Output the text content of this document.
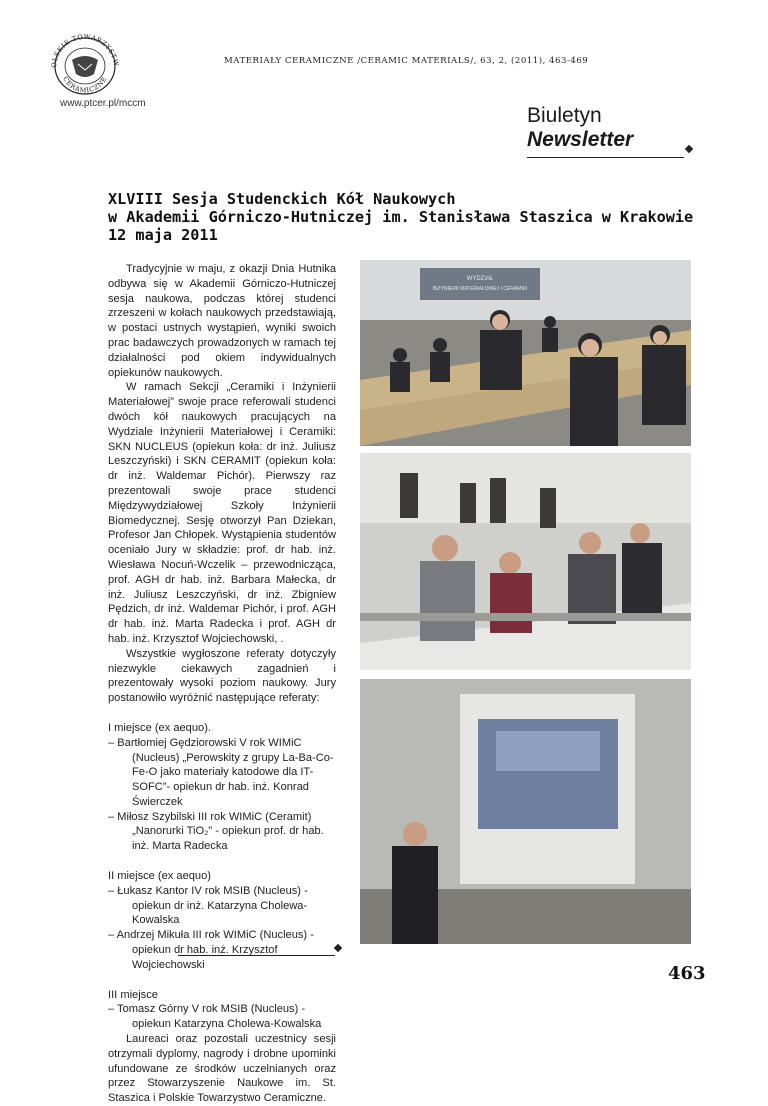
OLSKIE TOWARZYSTW
CERAMICZNE
www.ptcer.pl/mccm
MATERIAŁY CERAMICZNE /CERAMIC MATERIALS/, 63, 2, (2011), 463-469
Biuletyn
Newsletter
XLVIII Sesja Studenckich Kół Naukowych
w Akademii Górniczo-Hutniczej im. Stanisława Staszica w Krakowie
12 maja 2011

Tradycyjnie w maju, z okazji Dnia Hutnika odbywa się w Akademii Górniczo-Hutniczej sesja naukowa, podczas której studenci zrzeszeni w kołach naukowych przedstawiają, w postaci ustnych wystąpień, wyniki swoich prac badawczych prowadzonych w ramach tej działalności pod okiem indywidualnych opiekunów naukowych.

W ramach Sekcji „Ceramiki i Inżynierii Materiałowej” swoje prace referowali studenci dwóch kół naukowych pracujących na Wydziale Inżynierii Materiałowej i Ceramiki: SKN NUCLEUS (opiekun koła: dr inż. Juliusz Leszczyński) i SKN CERAMIT (opiekun koła: dr inż. Waldemar Pichór). Pierwszy raz prezentowali swoje prace studenci Międzywydziałowej Szkoły Inżynierii Biomedycznej. Sesję otworzył Pan Dziekan, Profesor Jan Chłopek. Wystąpienia studentów oceniało Jury w składzie: prof. dr hab. inż. Wiesława Nocuń-Wczelik – przewodnicząca, prof. AGH dr hab. inż. Barbara Małecka, dr inż. Juliusz Leszczyński, dr inż. Zbigniew Pędzich, dr inż. Waldemar Pichór, i prof. AGH dr hab. inż. Marta Radecka i prof. AGH dr hab. inż. Krzysztof Wojciechowski, .

Wszystkie wygłoszone referaty dotyczyły niezwykle ciekawych zagadnień i prezentowały wysoki poziom naukowy. Jury postanowiło wyróżnić następujące referaty:

I miejsce (ex aequo).

– Bartłomiej Gędziorowski V rok WIMiC (Nucleus) „Perowskity z grupy La-Ba-Co-Fe-O jako materiały katodowe dla IT-SOFC”- opiekun dr hab. inż. Konrad Świerczek

– Miłosz Szybilski III rok WIMiC (Ceramit) „Nanorurki TiO₂” - opiekun prof. dr hab. inż. Marta Radecka

II miejsce (ex aequo)

– Łukasz Kantor IV rok MSIB (Nucleus) - opiekun dr inż. Katarzyna Cholewa-Kowalska

– Andrzej Mikuła III rok WIMiC (Nucleus) - opiekun dr hab. inż. Krzysztof Wojciechowski

III miejsce

– Tomasz Górny V rok MSIB (Nucleus) - opiekun Katarzyna Cholewa-Kowalska

Laureaci oraz pozostali uczestnicy sesji otrzymali dyplomy, nagrody i drobne upominki ufundowane ze środków uczelnianych oraz przez Stowarzyszenie Naukowe im. St. Staszica i Polskie Towarzystwo Ceramiczne.

WYDZIAŁ
INŻYNIERII MATERIAŁOWEJ I CERAMIKI
463
